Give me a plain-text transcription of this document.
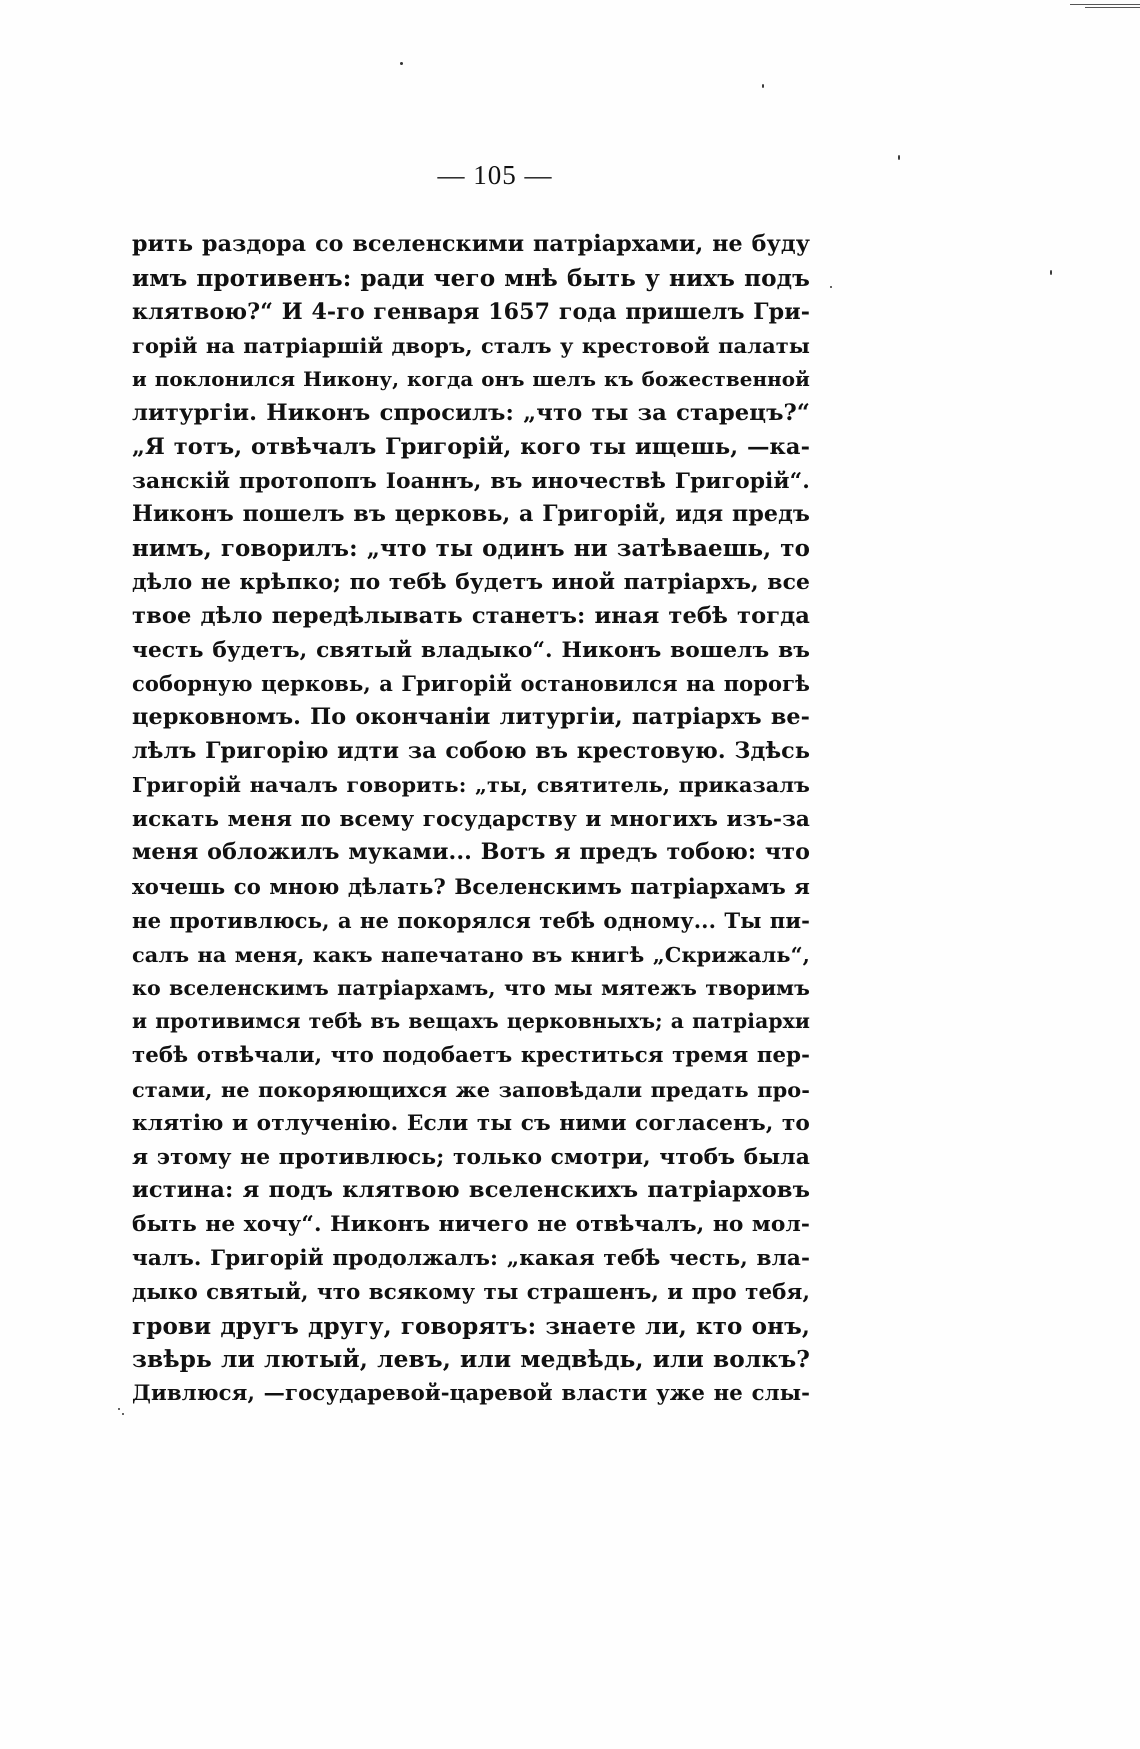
— 105 —
рить раздора со вселенскими патріархами, не буду
имъ противенъ: ради чего мнѣ быть у нихъ подъ
клятвою?“ И 4-го генваря 1657 года пришелъ Гри-
горій на патріаршій дворъ, сталъ у крестовой палаты
и поклонился Никону, когда онъ шелъ къ божественной
литургіи. Никонъ спросилъ: „что ты за старецъ?“
„Я тотъ, отвѣчалъ Григорій, кого ты ищешь, —ка-
занскій протопопъ Іоаннъ, въ иночествѣ Григорій“.
Никонъ пошелъ въ церковь, а Григорій, идя предъ
нимъ, говорилъ: „что ты одинъ ни затѣваешь, то
дѣло не крѣпко; по тебѣ будетъ иной патріархъ, все
твое дѣло передѣлывать станетъ: иная тебѣ тогда
честь будетъ, святый владыко“. Никонъ вошелъ въ
соборную церковь, а Григорій остановился на порогѣ
церковномъ. По окончаніи литургіи, патріархъ ве-
лѣлъ Григорію идти за собою въ крестовую. Здѣсь
Григорій началъ говорить: „ты, святитель, приказалъ
искать меня по всему государству и многихъ изъ-за
меня обложилъ муками... Вотъ я предъ тобою: что
хочешь со мною дѣлать? Вселенскимъ патріархамъ я
не противлюсь, а не покорялся тебѣ одному... Ты пи-
салъ на меня, какъ напечатано въ книгѣ „Скрижаль“,
ко вселенскимъ патріархамъ, что мы мятежъ творимъ
и противимся тебѣ въ вещахъ церковныхъ; а патріархи
тебѣ отвѣчали, что подобаетъ креститься тремя пер-
стами, не покоряющихся же заповѣдали предать про-
клятію и отлученію. Если ты съ ними согласенъ, то
я этому не противлюсь; только смотри, чтобъ была
истина: я подъ клятвою вселенскихъ патріарховъ
быть не хочу“. Никонъ ничего не отвѣчалъ, но мол-
чалъ. Григорій продолжалъ: „какая тебѣ честь, вла-
дыко святый, что всякому ты страшенъ, и про тебя,
грови другъ другу, говорятъ: знаете ли, кто онъ,
звѣрь ли лютый, левъ, или медвѣдь, или волкъ?
Дивлюся, —государевой-царевой власти уже не слы-
